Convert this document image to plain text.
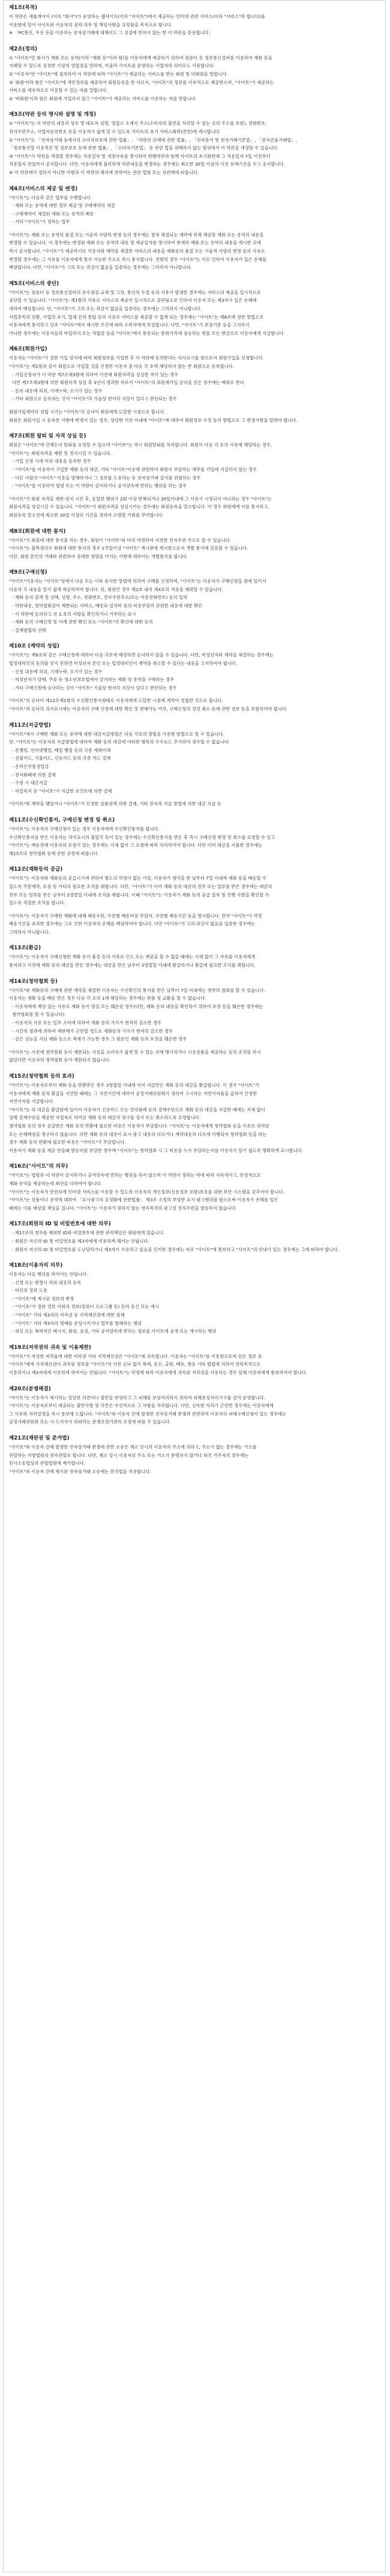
제1조(목적)

이 약관은 새롭게아이 (이하 "회사")가 운영하는 웹사이트(이하 "사이트")에서 제공하는 인터넷 관련 서비스(이하 "서비스"라 합니다)를

이용함에 있어 사이트와 이용자의 권리·의무 및 책임사항을 규정함을 목적으로 합니다.

※ 「PC통신, 무선 등을 이용하는 전자상거래에 대해서도 그 성질에 반하지 않는 한 이 약관을 준용합니다」

제2조(정의)

① "사이트"란 회사가 재화 또는 용역(이하 "재화 등"이라 함)을 이용자에게 제공하기 위하여 컴퓨터 등 정보통신설비를 이용하여 재화 등을

거래할 수 있도록 설정한 가상의 영업장을 말하며, 아울러 사이트를 운영하는 사업자의 의미로도 사용합니다.

② "이용자"란 "사이트"에 접속하여 이 약관에 따라 "사이트"가 제공하는 서비스를 받는 회원 및 비회원을 말합니다.

③ '회원'이라 함은 "사이트"에 개인정보를 제공하여 회원등록을 한 자로서, "사이트"의 정보를 지속적으로 제공받으며, "사이트"가 제공하는

서비스를 계속적으로 이용할 수 있는 자를 말합니다.

④ '비회원'이라 함은 회원에 가입하지 않고 "사이트"가 제공하는 서비스를 이용하는 자를 말합니다.

제3조(약관 등의 명시와 설명 및 개정)

① "사이트"는 이 약관의 내용과 상호 및 대표자 성명, 영업소 소재지 주소(소비자의 불만을 처리할 수 있는 곳의 주소를 포함), 전화번호,

전자우편주소, 사업자등록번호 등을 이용자가 쉽게 알 수 있도록 사이트의 초기 서비스화면(전면)에 게시합니다.

② "사이트"는 「전자상거래 등에서의 소비자보호에 관한 법률」, 「약관의 규제에 관한 법률」, 「전자문서 및 전자거래기본법」, 「전자금융거래법」,

「정보통신망 이용촉진 및 정보보호 등에 관한 법률」, 「소비자기본법」 등 관련 법을 위배하지 않는 범위에서 이 약관을 개정할 수 있습니다.

③ "사이트"가 약관을 개정할 경우에는 적용일자 및 개정사유를 명시하여 현행약관과 함께 사이트의 초기화면에 그 적용일자 7일 이전부터

적용일자 전일까지 공지합니다. 다만, 이용자에게 불리하게 약관내용을 변경하는 경우에는 최소한 30일 이상의 사전 유예기간을 두고 공지합니다.

④ 이 약관에서 정하지 아니한 사항과 이 약관의 해석에 관하여는 관련 법령 또는 상관례에 따릅니다.

제4조(서비스의 제공 및 변경)

"사이트"는 다음과 같은 업무를 수행합니다.

- 재화 또는 용역에 대한 정보 제공 및 구매계약의 체결

- 구매계약이 체결된 재화 또는 용역의 배송

- 기타 "사이트"가 정하는 업무

"사이트"는 재화 또는 용역의 품절 또는 기술적 사양의 변경 등의 경우에는 장차 체결되는 계약에 의해 제공할 재화 또는 용역의 내용을

변경할 수 있습니다. 이 경우에는 변경된 재화 또는 용역의 내용 및 제공일자를 명시하여 현재의 재화 또는 용역의 내용을 게시한 곳에

즉시 공지합니다. "사이트"가 제공하기로 이용자와 계약을 체결한 서비스의 내용을 재화등의 품절 또는 기술적 사양의 변경 등의 사유로

변경할 경우에는 그 사유를 이용자에게 통지 가능한 주소로 즉시 통지합니다. 전항의 경우 "사이트"는 이로 인하여 이용자가 입은 손해를

배상합니다. 다만, "사이트"가 고의 또는 과실이 없음을 입증하는 경우에는 그러하지 아니합니다.

제5조(서비스의 중단)

"사이트"는 컴퓨터 등 정보통신설비의 보수점검·교체 및 고장, 통신의 두절 등의 사유가 발생한 경우에는 서비스의 제공을 일시적으로

중단할 수 있습니다. "사이트"는 제1항의 사유로 서비스의 제공이 일시적으로 중단됨으로 인하여 이용자 또는 제3자가 입은 손해에

대하여 배상합니다. 단, "사이트"가 고의 또는 과실이 없음을 입증하는 경우에는 그러하지 아니합니다.

사업종목의 전환, 사업의 포기, 업체 간의 통합 등의 이유로 서비스를 제공할 수 없게 되는 경우에는 "사이트"는 제8조에 정한 방법으로

이용자에게 통지하고 당초 "사이트"에서 제시한 조건에 따라 소비자에게 보상합니다. 다만, "사이트"가 보상기준 등을 고지하지

아니한 경우에는 이용자들의 마일리지 또는 적립금 등을 "사이트"에서 통용되는 통화가치에 상응하는 현물 또는 현금으로 이용자에게 지급합니다.

제6조(회원가입)

이용자는 "사이트"가 정한 가입 양식에 따라 회원정보를 기입한 후 이 약관에 동의한다는 의사표시를 함으로서 회원가입을 신청합니다.

"사이트"는 제1항과 같이 회원으로 가입할 것을 신청한 이용자 중 다음 각 호에 해당하지 않는 한 회원으로 등록합니다.

- 가입신청자가 이 약관 제7조제3항에 의하여 이전에 회원자격을 상실한 적이 있는 경우

다만 제7조제3항에 의한 회원자격 상실 후 3년이 경과한 자로서 "사이트"의 회원재가입 승낙을 얻은 경우에는 예외로 한다.

- 등록 내용에 허위, 기재누락, 오기가 있는 경우

- 기타 회원으로 등록하는 것이 "사이트"의 기술상 현저히 지장이 있다고 판단되는 경우

회원가입계약의 성립 시기는 "사이트"의 승낙이 회원에게 도달한 시점으로 합니다.

회원은 회원가입 시 등록한 사항에 변경이 있는 경우, 상당한 기간 이내에 "사이트"에 대하여 회원정보 수정 등의 방법으로 그 변경사항을 알려야 합니다.

제7조(회원 탈퇴 및 자격 상실 등)

회원은 "사이트"에 언제든지 탈퇴를 요청할 수 있으며 "사이트"는 즉시 회원탈퇴를 처리합니다. 회원이 다음 각 호의 사유에 해당하는 경우,

"사이트"는 회원자격을 제한 및 정지시킬 수 있습니다.

- 가입 신청 시에 허위 내용을 등록한 경우

- "사이트"를 이용하여 구입한 재화 등의 대금, 기타 "사이트"이용에 관련하여 회원이 부담하는 채무를 기일에 지급하지 않는 경우

- 다른 사람의 "사이트" 이용을 방해하거나 그 정보를 도용하는 등 전자상거래 질서를 위협하는 경우

- "사이트"를 이용하여 법령 또는 이 약관이 금지하거나 공서양속에 반하는 행위를 하는 경우

"사이트"가 회원 자격을 제한·정지 시킨 후, 동일한 행위가 2회 이상 반복되거나 30일이내에 그 사유가 시정되지 아니하는 경우 "사이트"는

회원자격을 상실시킬 수 있습니다. "사이트"가 회원자격을 상실시키는 경우에는 회원등록을 말소합니다. 이 경우 회원에게 이를 통지하고,

회원등록 말소전에 최소한 30일 이상의 기간을 정하여 소명할 기회를 부여합니다.

제8조(회원에 대한 통지)

"사이트"가 회원에 대한 통지를 하는 경우, 회원이 "사이트"와 미리 약정하여 지정한 전자우편 주소로 할 수 있습니다.

"사이트"는 불특정다수 회원에 대한 통지의 경우 1주일이상 "사이트" 게시판에 게시함으로서 개별 통지에 갈음할 수 있습니다.

다만, 회원 본인의 거래와 관련하여 중대한 영향을 미치는 사항에 대하여는 개별통지를 합니다.

제9조(구매신청)

"사이트"이용자는 "사이트"상에서 다음 또는 이와 유사한 방법에 의하여 구매를 신청하며, "사이트"는 이용자가 구매신청을 함에 있어서

다음의 각 내용을 알기 쉽게 제공하여야 합니다. 단, 회원인 경우 제2호 내지 제4호의 적용을 제외할 수 있습니다.

- 재화 등의 검색 및 선택, 성명, 주소, 전화번호, 전자우편주소(또는 이동전화번호) 등의 입력

- 약관내용, 청약철회권이 제한되는 서비스, 배송료·설치비 등의 비용부담과 관련한 내용에 대한 확인

- 이 약관에 동의하고 위 3.호의 사항을 확인하거나 거부하는 표시

- 재화 등의 구매신청 및 이에 관한 확인 또는 "사이트"의 확인에 대한 동의

- 결제방법의 선택

제10조 (계약의 성립)

"사이트"는 제9조와 같은 구매신청에 대하여 다음 각호에 해당하면 승낙하지 않을 수 있습니다. 다만, 미성년자와 계약을 체결하는 경우에는

법정대리인의 동의를 얻지 못하면 미성년자 본인 또는 법정대리인이 계약을 취소할 수 있다는 내용을 고지하여야 합니다.

- 신청 내용에 허위, 기재누락, 오기가 있는 경우

- 미성년자가 담배, 주류 등 청소년보호법에서 금지하는 재화 및 용역을 구매하는 경우

- 기타 구매신청에 승낙하는 것이 "사이트" 기술상 현저히 지장이 있다고 판단하는 경우

"사이트"의 승낙이 제12조제1항의 수신확인통지형태로 이용자에게 도달한 시점에 계약이 성립한 것으로 봅니다.

"사이트"의 승낙의 의사표시에는 이용자의 구매 신청에 대한 확인 및 판매가능 여부, 구매신청의 정정 취소 등에 관한 정보 등을 포함하여야 합니다.

제11조(지급방법)

"사이트"에서 구매한 재화 또는 용역에 대한 대금지급방법은 다음 각호의 방법중 가용한 방법으로 할 수 있습니다.

단, "사이트"는 이용자의 지급방법에 대하여 재화 등의 대금에 어떠한 명목의 수수료도 추가하여 징수할 수 없습니다.

- 폰뱅킹, 인터넷뱅킹, 메일 뱅킹 등의 각종 계좌이체

- 선불카드, 직불카드, 신용카드 등의 각종 카드 결제

- 온라인무통장입금

- 전자화폐에 의한 결제

- 수령 시 대금지급

- 마일리지 등 "사이트"가 지급한 포인트에 의한 결제

"사이트"와 계약을 맺었거나 "사이트"가 인정한 상품권에 의한 결제, 기타 전자적 지급 방법에 의한 대금 지급 등

제11조(수신확인통지, 구매신청 변경 및 취소)

"사이트"는 이용자의 구매신청이 있는 경우 이용자에게 수신확인통지를 합니다.

수신확인통지를 받은 이용자는 의사표시의 불일치 등이 있는 경우에는 수신확인통지를 받은 후 즉시 구매신청 변경 및 취소를 요청할 수 있고

"사이트"는 배송전에 이용자의 요청이 있는 경우에는 지체 없이 그 요청에 따라 처리하여야 합니다. 다만 이미 대금을 지불한 경우에는

제15조의 청약철회 등에 관한 규정에 따릅니다.

제12조(재화등의 공급)

"사이트"는 이용자와 재화등의 공급시기에 관하여 별도의 약정이 없는 이상, 이용자가 청약을 한 날부터 7일 이내에 재화 등을 배송할 수

있도록 주문제작, 포장 등 기타의 필요한 조치를 취합니다. 다만, "사이트"가 이미 재화 등의 대금의 전부 또는 일부를 받은 경우에는 대금의

전부 또는 일부를 받은 날부터 2영업일 이내에 조치를 취합니다. 이때 "사이트"는 이용자가 재화 등의 공급 절차 및 진행 사항을 확인할 수

있도록 적절한 조치를 합니다.

"사이트"는 이용자가 구매한 재화에 대해 배송수단, 수단별 배송비용 부담자, 수단별 배송기간 등을 명시합니다. 만약 "사이트"가 약정

배송기간을 초과한 경우에는 그로 인한 이용자의 손해를 배상하여야 합니다. 다만 "사이트"가 고의·과실이 없음을 입증한 경우에는

그러하지 아니합니다.

제13조(환급)

"사이트"는 이용자가 구매신청한 재화 등이 품절 등의 사유로 인도 또는 제공을 할 수 없을 때에는 지체 없이 그 사유를 이용자에게

통지하고 사전에 재화 등의 대금을 받은 경우에는 대금을 받은 날부터 3영업일 이내에 환급하거나 환급에 필요한 조치를 취합니다.

제14조(청약철회 등)

"사이트"와 재화등의 구매에 관한 계약을 체결한 이용자는 수신확인의 통지를 받은 날부터 7일 이내에는 청약의 철회를 할 수 있습니다.

이용자는 재화 등을 배송 받은 경우 다음 각 호의 1에 해당하는 경우에는 반품 및 교환을 할 수 없습니다.

- 이용자에게 책임 있는 사유로 재화 등이 멸실 또는 훼손된 경우(다만, 재화 등의 내용을 확인하기 위하여 포장 등을 훼손한 경우에는

청약철회를 할 수 있습니다)

- 이용자의 사용 또는 일부 소비에 의하여 재화 등의 가치가 현저히 감소한 경우

- 시간의 경과에 의하여 재판매가 곤란할 정도로 재화등의 가치가 현저히 감소한 경우

- 같은 성능을 지닌 재화 등으로 복제가 가능한 경우 그 원본인 재화 등의 포장을 훼손한 경우

"사이트"는 사전에 청약철회 등이 제한되는 사실을 소비자가 쉽게 알 수 있는 곳에 명기하거나 시용상품을 제공하는 등의 조치를 하지

않았다면 이용자의 청약철회 등이 제한되지 않습니다.

제15조(청약철회 등의 효과)

"사이트"는 이용자로부터 재화 등을 반환받은 경우 3영업일 이내에 이미 지급받은 재화 등의 대금을 환급합니다. 이 경우 "사이트"가

이용자에게 재화 등의 환급을 지연한 때에는 그 지연기간에 대하여 공정거래위원회가 정하여 고시하는 지연이자율을 곱하여 산정한

지연이자를 지급합니다.

"사이트"는 위 대금을 환급함에 있어서 이용자가 신용카드 또는 전자화폐 등의 결제수단으로 재화 등의 대금을 지급한 때에는 지체 없이

당해 결제수단을 제공한 사업자로 하여금 재화 등의 대금의 청구를 정지 또는 취소하도록 요청합니다.

청약철회 등의 경우 공급받은 재화 등의 반환에 필요한 비용은 이용자가 부담합니다. "사이트"는 이용자에게 청약철회 등을 이유로 위약금

또는 손해배상을 청구하지 않습니다. 다만 재화 등의 내용이 표시·광고 내용과 다르거나 계약내용과 다르게 이행되어 청약철회 등을 하는

경우 재화 등의 반환에 필요한 비용은 "사이트"가 부담합니다.

이용자가 재화 등을 제공 받을때 발송비를 부담한 경우에 "사이트"는 청약철회 시 그 비용을 누가 부담하는지를 이용자가 알기 쉽도록 명확하게 표시합니다.

제16조("사이트"의 의무)

"사이트"는 법령과 이 약관이 금지하거나 공서양속에 반하는 행위를 하지 않으며 이 약관이 정하는 바에 따라 지속적이고, 안정적으로

재화·용역을 제공하는데 최선을 다하여야 합니다.

"사이트"는 이용자가 안전하게 인터넷 서비스를 이용할 수 있도록 이용자의 개인정보(신용정보 포함)보호를 위한 보안 시스템을 갖추어야 합니다.

"사이트"는 상품이나 용역에 대하여 「표시광고의 공정화에 관한법률」 제3조 소정의 부당한 표시·광고행위를 함으로써 이용자가 손해를 입은

때에는 이를 배상할 책임을 집니다. "사이트"는 이용자가 원하지 않는 영리목적의 광고성 전자우편을 발송하지 않습니다.

제17조(회원의 ID 및 비밀번호에 대한 의무)

- 제17조의 경우를 제외한 ID와 비밀번호에 관한 관리책임은 회원에게 있습니다.

- 회원은 자신의 ID 및 비밀번호를 제3자에게 이용하게 해서는 안됩니다.

- 회원이 자신의 ID 및 비밀번호를 도난당하거나 제3자가 사용하고 있음을 인지한 경우에는 바로 "사이트"에 통보하고 "사이트"의 안내가 있는 경우에는 그에 따라야 합니다.

제18조(이용자의 의무)

이용자는 다음 행위를 하여서는 안됩니다.

- 신청 또는 변경시 허위 내용의 등록

- 타인의 정보 도용

- "사이트"에 게시된 정보의 변경

- "사이트"가 정한 정보 이외의 정보(컴퓨터 프로그램 등) 등의 송신 또는 게시

- "사이트" 기타 제3자의 저작권 등 지적재산권에 대한 침해

- "사이트" 기타 제3자의 명예를 손상시키거나 업무를 방해하는 행위

- 외설 또는 폭력적인 메시지, 화상, 음성, 기타 공서양속에 반하는 정보를 사이트에 공개 또는 게시하는 행위

제19조(저작권의 귀속 및 이용제한)

"사이트"가 작성한 저작물에 대한 저작권 기타 지적재산권은 "사이트"에 귀속합니다. 이용자는 "사이트"를 이용함으로써 얻은 정보 중

"사이트"에게 지적재산권이 귀속된 정보를 "사이트"의 사전 승낙 없이 복제, 송신, 출판, 배포, 방송 기타 방법에 의하여 영리목적으로

이용하거나 제3자에게 이용하게 하여서는 안됩니다. "사이트"는 약정에 따라 이용자에게 귀속된 저작권을 사용하는 경우 당해 이용자에게 통보하여야 합니다.

제20조(분쟁해결)

"사이트"는 이용자가 제기하는 정당한 의견이나 불만을 반영하고 그 피해를 보상처리하기 위하여 피해보상처리기구를 설치·운영합니다.

"사이트"는 이용자로부터 제출되는 불만사항 및 의견은 우선적으로 그 사항을 처리합니다. 다만, 신속한 처리가 곤란한 경우에는 이용자에게

그 사유와 처리일정을 즉시 통보해 드립니다. "사이트"와 이용자 간에 발생한 전자상거래 분쟁과 관련하여 이용자의 피해구제신청이 있는 경우에는

공정거래위원회 또는 시·도지사가 의뢰하는 분쟁조정기관의 조정에 따를 수 있습니다.

제21조(재판권 및 준거법)

"사이트"와 이용자 간에 발생한 전자상거래 분쟁에 관한 소송은 제소 당시의 이용자의 주소에 의하고, 주소가 없는 경우에는 거소를

관할하는 지방법원의 전속관할로 합니다. 다만, 제소 당시 이용자의 주소 또는 거소가 분명하지 않거나 외국 거주자의 경우에는

민사소송법상의 관할법원에 제기합니다.

"사이트"와 이용자 간에 제기된 전자상거래 소송에는 한국법을 적용합니다.
